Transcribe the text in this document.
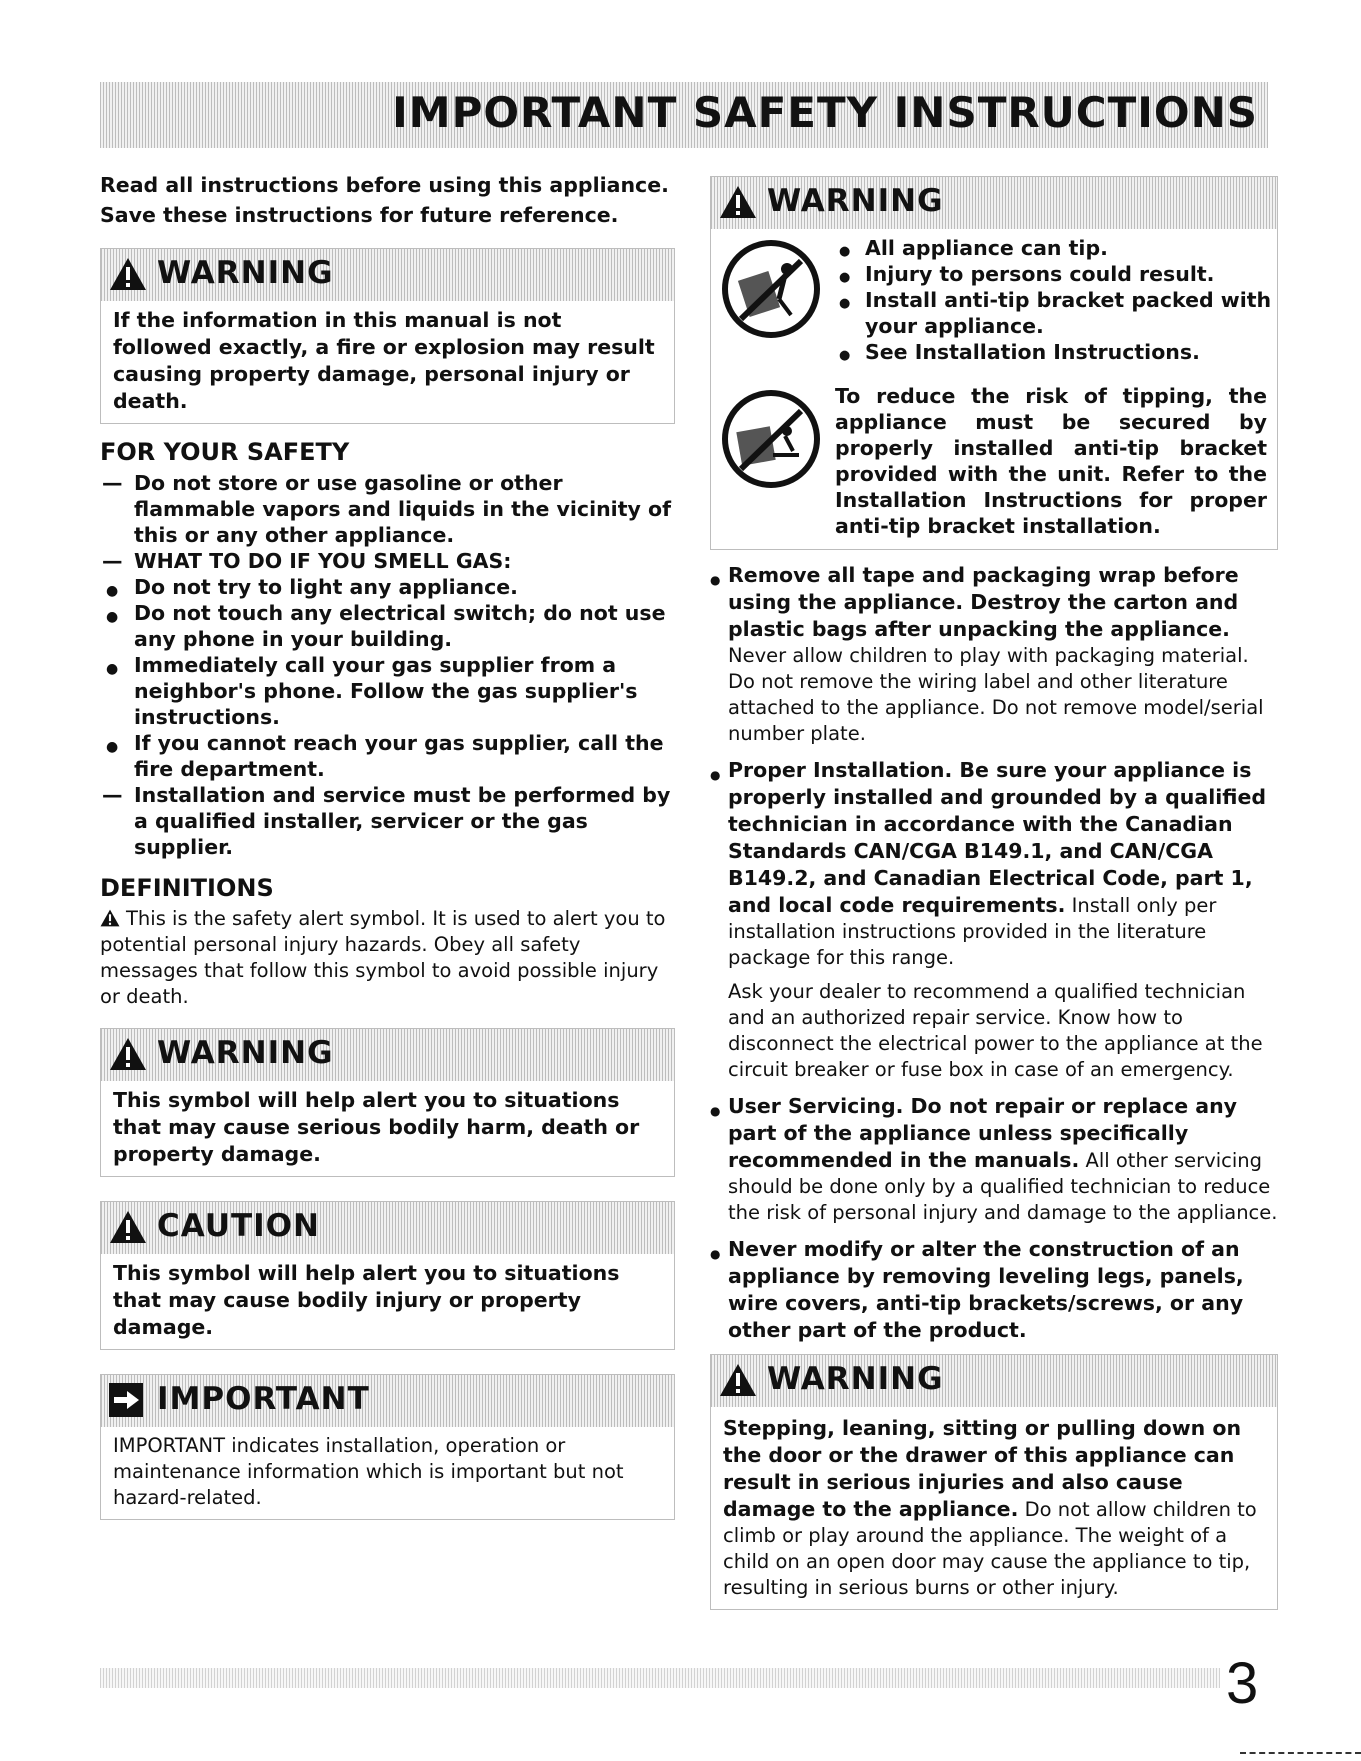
IMPORTANT SAFETY INSTRUCTIONS

Read all instructions before using this appliance.

Save these instructions for future reference.

WARNING
If the information in this manual is not followed exactly, a fire or explosion may result causing property damage, personal injury or death.
FOR YOUR SAFETY
— Do not store or use gasoline or other flammable vapors and liquids in the vicinity of this or any other appliance.
— WHAT TO DO IF YOU SMELL GAS:
● Do not try to light any appliance.
● Do not touch any electrical switch; do not use any phone in your building.
● Immediately call your gas supplier from a neighbor's phone. Follow the gas supplier's instructions.
● If you cannot reach your gas supplier, call the fire department.
— Installation and service must be performed by a qualified installer, servicer or the gas supplier.
DEFINITIONS

This is the safety alert symbol. It is used to alert you to potential personal injury hazards. Obey all safety messages that follow this symbol to avoid possible injury or death.

WARNING
This symbol will help alert you to situations that may cause serious bodily harm, death or property damage.
CAUTION
This symbol will help alert you to situations that may cause bodily injury or property damage.
IMPORTANT
IMPORTANT indicates installation, operation or maintenance information which is important but not hazard-related.
WARNING
● All appliance can tip.
● Injury to persons could result.
● Install anti-tip bracket packed with your appliance.
● See Installation Instructions.
To reduce the risk of tipping, the appliance must be secured by properly installed anti-tip bracket provided with the unit. Refer to the Installation Instructions for proper anti-tip bracket installation.
● Remove all tape and packaging wrap before using the appliance. Destroy the carton and plastic bags after unpacking the appliance. Never allow children to play with packaging material. Do not remove the wiring label and other literature attached to the appliance. Do not remove model/serial number plate.
● Proper Installation. Be sure your appliance is properly installed and grounded by a qualified technician in accordance with the Canadian Standards CAN/CGA B149.1, and CAN/CGA B149.2, and Canadian Electrical Code, part 1, and local code requirements. Install only per installation instructions provided in the literature package for this range.
Ask your dealer to recommend a qualified technician and an authorized repair service. Know how to disconnect the electrical power to the appliance at the circuit breaker or fuse box in case of an emergency.
● User Servicing. Do not repair or replace any part of the appliance unless specifically recommended in the manuals. All other servicing should be done only by a qualified technician to reduce the risk of personal injury and damage to the appliance.
● Never modify or alter the construction of an appliance by removing leveling legs, panels, wire covers, anti-tip brackets/screws, or any other part of the product.
WARNING
Stepping, leaning, sitting or pulling down on the door or the drawer of this appliance can result in serious injuries and also cause damage to the appliance. Do not allow children to climb or play around the appliance. The weight of a child on an open door may cause the appliance to tip, resulting in serious burns or other injury.
3
